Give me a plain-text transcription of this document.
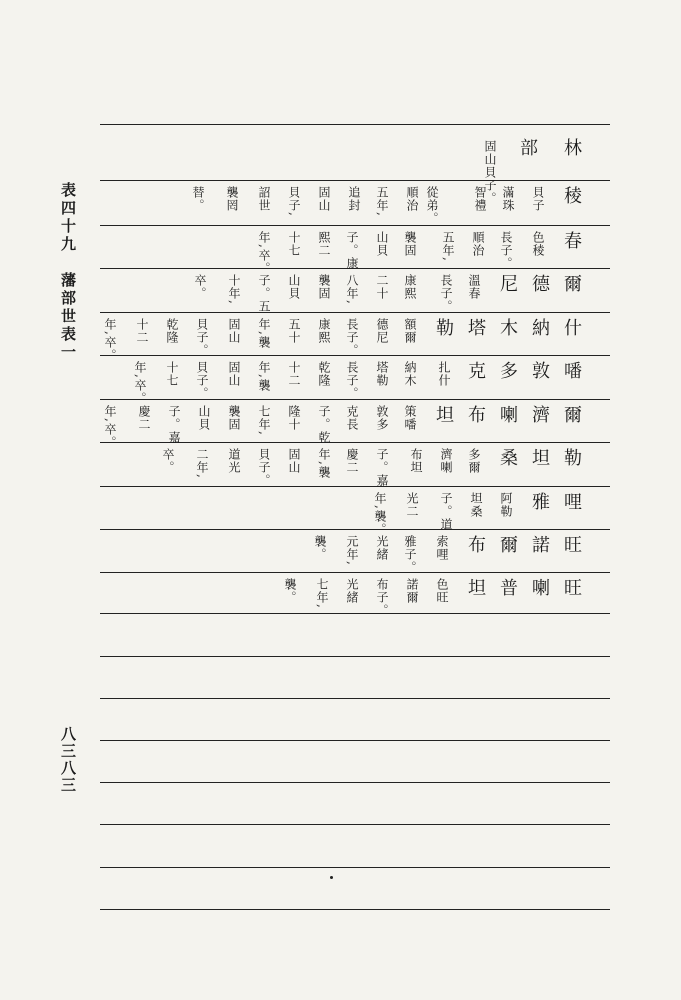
表四十九　藩部世表一
八三八三
林
部
固山貝子。	稜
貝子
滿珠
智禮
從弟。
順治
五年,
追封
固山
貝子,
詔世
襲罔
替。
春
色稜
長子。
順治
五年,
襲固
山貝
子。康
熙二
十七
年,卒。
爾
德
尼
溫春
長子。
康熙
二十
八年,
襲固
山貝
子。五
十年,
卒。
什
納
木
塔
勒
額爾
德尼
長子。
康熙
五十
年,襲
固山
貝子。
乾隆
十二
年,卒。
噃
敦
多
克
扎什
納木
塔勒
長子。
乾隆
十二
年,襲
固山
貝子。
十七
年,卒。
爾
濟
喇
布
坦
策噃
敦多
克長
子。乾
隆十
七年,
襲固
山貝
子。嘉
慶二
年,卒。
勒
坦
桑
多爾
濟喇
布坦
子。嘉
慶二
年,襲
固山
貝子。
道光
二年,
卒。
哩
雅
阿勒
坦桑
子。道
光二
年,襲。
旺
諾
爾
布
索哩
雅子。
光緒
元年,
襲。
旺
喇
普
坦
色旺
諾爾
布子。
光緒
七年,
襲。
